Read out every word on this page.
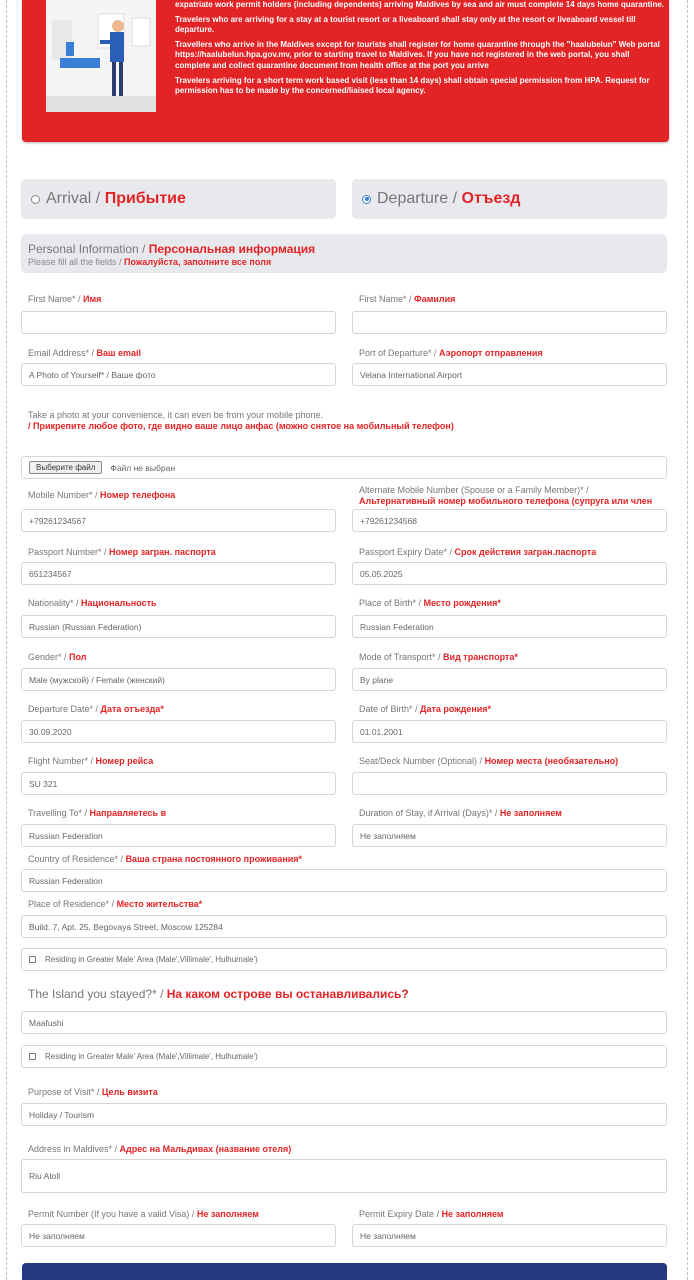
expatriate work permit holders (including dependents) arriving Maldives by sea and air must complete 14 days home quarantine.

Travelers who are arriving for a stay at a tourist resort or a liveaboard shall stay only at the resort or liveaboard vessel till departure.

Travellers who arrive in the Maldives except for tourists shall register for home quarantine through the "haalubelun" Web portal https://haalubelun.hpa.gov.mv, prior to starting travel to Maldives. If you have not registered in the web portal, you shall complete and collect quarantine document from health office at the port you arrive

Travelers arriving for a short term work based visit (less than 14 days) shall obtain special permission from HPA. Request for permission has to be made by the concerned/liaised local agency.

Arrival /
Прибытие	Departure /
Отъезд
Personal Information / Персональная информация
Please fill all the fields / Пожалуйста, заполните все поля
First Name* / Имя	First Name* / Фамилия
Email Address* / Ваш email
A Photo of Yourself* / Ваше фото
Port of Departure* / Аэропорт отправления
Velana International Airport
Take a photo at your convenience, it can even be from your mobile phone.
/ Прикрепите любое фото, где видно ваше лицо анфас (можно снятое на мобильный телефон)
Выберите файл	Файл не выбран
Mobile Number* / Номер телефона
+79261234567
Alternate Mobile Number (Spouse or a Family Member)* / Альтернативный номер мобильного телефона (супруга или член
+79261234568
Passport Number* / Номер загран. паспорта
651234567
Passport Expiry Date* / Срок действия загран.паспорта
05.05.2025
Nationality* / Национальность
Russian (Russian Federation)
Place of Birth* / Место рождения*
Russian Federation
Gender* / Пол
Male (мужской) / Female (женский)
Mode of Transport* / Вид транспорта*
By plane
Departure Date* / Дата отъезда*
30.09.2020
Date of Birth* / Дата рождения*
01.01.2001
Flight Number* / Номер рейса
SU 321
Seat/Deck Number (Optional) / Номер места (необязательно)
Travelling To* / Направляетесь в
Russian Federation
Duration of Stay, if Arrival (Days)* / Не заполняем
Не заполняем
Country of Residence* / Ваша страна постоянного проживания*
Russian Federation
Place of Residence* / Место жительства*
Build. 7, Apt. 25, Begovaya Street, Moscow 125284
Residing in Greater Male' Area (Male',Villimale', Hulhumale')
The Island you stayed?* / На каком острове вы останавливались?
Maafushi
Residing in Greater Male' Area (Male',Villimale', Hulhumale')
Purpose of Visit* / Цель визита
Holiday / Tourism
Address in Maldives* / Адрес на Мальдивах (название отеля)
Riu Atoll
Permit Number (If you have a valid Visa) / Не заполняем
Не заполняем
Permit Expiry Date / Не заполняем
Не заполняем
